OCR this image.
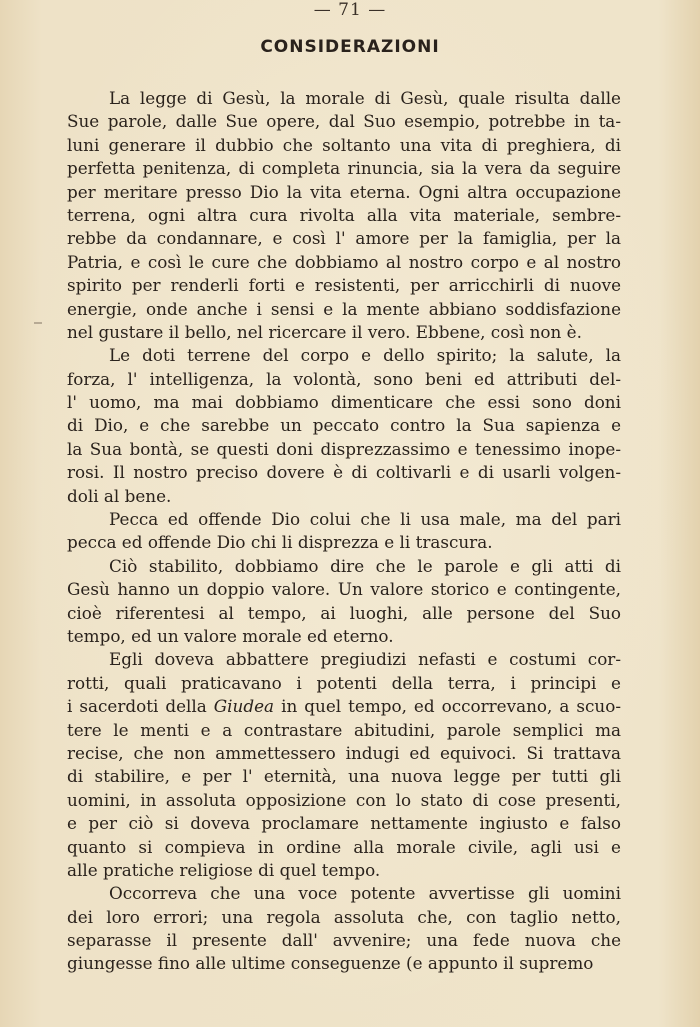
— 71 —
CONSIDERAZIONI
La legge di Gesù, la morale di Gesù, quale risulta dalle
Sue parole, dalle Sue opere, dal Suo esempio, potrebbe in ta-
luni generare il dubbio che soltanto una vita di preghiera, di
perfetta penitenza, di completa rinuncia, sia la vera da seguire
per meritare presso Dio la vita eterna. Ogni altra occupazione
terrena, ogni altra cura rivolta alla vita materiale, sembre-
rebbe da condannare, e così l' amore per la famiglia, per la
Patria, e così le cure che dobbiamo al nostro corpo e al nostro
spirito per renderli forti e resistenti, per arricchirli di nuove
energie, onde anche i sensi e la mente abbiano soddisfazione
nel gustare il bello, nel ricercare il vero. Ebbene, così non è.
Le doti terrene del corpo e dello spirito; la salute, la
forza, l' intelligenza, la volontà, sono beni ed attributi del-
l' uomo, ma mai dobbiamo dimenticare che essi sono doni
di Dio, e che sarebbe un peccato contro la Sua sapienza e
la Sua bontà, se questi doni disprezzassimo e tenessimo inope-
rosi. Il nostro preciso dovere è di coltivarli e di usarli volgen-
doli al bene.
Pecca ed offende Dio colui che li usa male, ma del pari
pecca ed offende Dio chi li disprezza e li trascura.
Ciò stabilito, dobbiamo dire che le parole e gli atti di
Gesù hanno un doppio valore. Un valore storico e contingente,
cioè riferentesi al tempo, ai luoghi, alle persone del Suo
tempo, ed un valore morale ed eterno.
Egli doveva abbattere pregiudizi nefasti e costumi cor-
rotti, quali praticavano i potenti della terra, i principi e
i sacerdoti della Giudea in quel tempo, ed occorrevano, a scuo-
tere le menti e a contrastare abitudini, parole semplici ma
recise, che non ammettessero indugi ed equivoci. Si trattava
di stabilire, e per l' eternità, una nuova legge per tutti gli
uomini, in assoluta opposizione con lo stato di cose presenti,
e per ciò si doveva proclamare nettamente ingiusto e falso
quanto si compieva in ordine alla morale civile, agli usi e
alle pratiche religiose di quel tempo.
Occorreva che una voce potente avvertisse gli uomini
dei loro errori; una regola assoluta che, con taglio netto,
separasse il presente dall' avvenire; una fede nuova che
giungesse fino alle ultime conseguenze (e appunto il supremo
